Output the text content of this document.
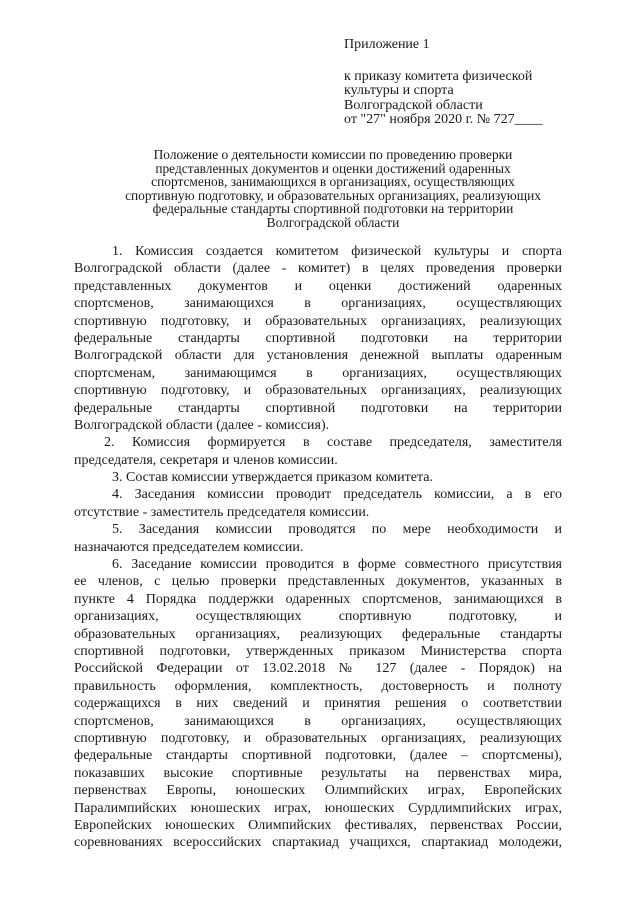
Приложение 1
к приказу комитета физической
культуры и спорта
Волгоградской области
от "27" ноября 2020 г. № 727____
Положение о деятельности комиссии по проведению проверки
представленных документов и оценки достижений одаренных
спортсменов, занимающихся в организациях, осуществляющих
спортивную подготовку, и образовательных организациях, реализующих
федеральные стандарты спортивной подготовки на территории
Волгоградской области
1. Комиссия создается комитетом физической культуры и спорта
Волгоградской области (далее - комитет) в целях проведения проверки
представленных документов и оценки достижений одаренных
спортсменов, занимающихся в организациях, осуществляющих
спортивную подготовку, и образовательных организациях, реализующих
федеральные стандарты спортивной подготовки на территории
Волгоградской области для установления денежной выплаты одаренным
спортсменам, занимающимся в организациях, осуществляющих
спортивную подготовку, и образовательных организациях, реализующих
федеральные стандарты спортивной подготовки на территории
Волгоградской области (далее - комиссия).
2. Комиссия формируется в составе председателя, заместителя
председателя, секретаря и членов комиссии.
3. Состав комиссии утверждается приказом комитета.
4. Заседания комиссии проводит председатель комиссии, а в его
отсутствие - заместитель председателя комиссии.
5. Заседания комиссии проводятся по мере необходимости и
назначаются председателем комиссии.
6. Заседание комиссии проводится в форме совместного присутствия
ее членов, с целью проверки представленных документов, указанных в
пункте 4 Порядка поддержки одаренных спортсменов, занимающихся в
организациях, осуществляющих спортивную подготовку, и
образовательных организациях, реализующих федеральные стандарты
спортивной подготовки, утвержденных приказом Министерства спорта
Российской Федерации от 13.02.2018 № 127 (далее - Порядок) на
правильность оформления, комплектность, достоверность и полноту
содержащихся в них сведений и принятия решения о соответствии
спортсменов, занимающихся в организациях, осуществляющих
спортивную подготовку, и образовательных организациях, реализующих
федеральные стандарты спортивной подготовки, (далее – спортсмены),
показавших высокие спортивные результаты на первенствах мира,
первенствах Европы, юношеских Олимпийских играх, Европейских
Паралимпийских юношеских играх, юношеских Сурдлимпийских играх,
Европейских юношеских Олимпийских фестивалях, первенствах России,
соревнованиях всероссийских спартакиад учащихся, спартакиад молодежи,
